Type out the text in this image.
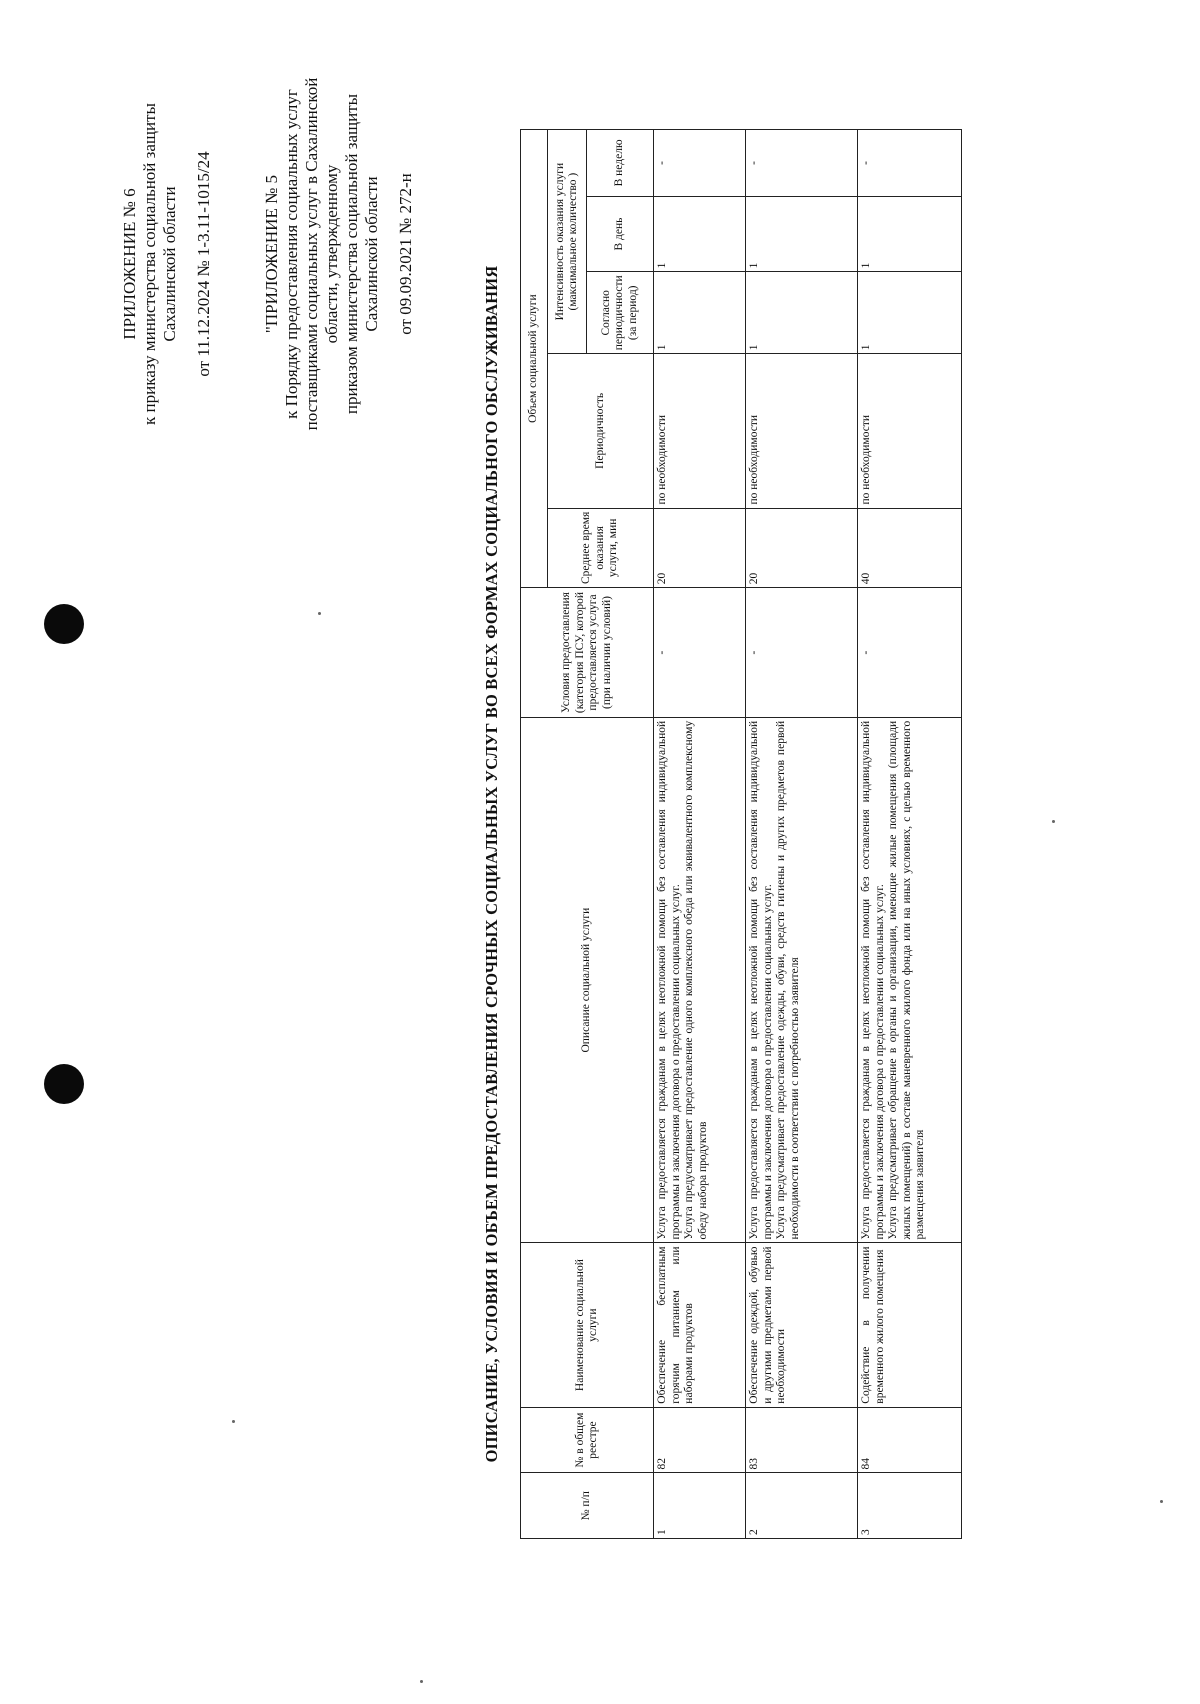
ПРИЛОЖЕНИЕ № 6 к приказу министерства социальной защиты Сахалинской области от 11.12.2024 № 1-3.11-1015/24	"ПРИЛОЖЕНИЕ № 5 к Порядку предоставления социальных услуг поставщиками социальных услуг в Сахалинской области, утвержденному приказом министерства социальной защиты Сахалинской области от 09.09.2021 № 272-н
ОПИСАНИЕ, УСЛОВИЯ И ОБЪЕМ ПРЕДОСТАВЛЕНИЯ СРОЧНЫХ СОЦИАЛЬНЫХ УСЛУГ ВО ВСЕХ ФОРМАХ СОЦИАЛЬНОГО ОБСЛУЖИВАНИЯ
№ п/п	№ в общем реестре	Наименование социальной услуги	Описание социальной услуги	Условия предоставления (категория ПСУ, которой предоставляется услуга (при наличии условий)	Объем социальной услуги				
					Среднее время оказания услуги, мин	Периодичность	Интенсивность оказания услуги (максимальное количество )		
							Согласно периодичности (за период)	В день	В неделю
1	82	Обеспечение бесплатным горячим питанием или наборами продуктов	Услуга предоставляется гражданам в целях неотложной помощи без составления индивидуальной программы и заключения договора о предоставлении социальных услуг. Услуга предусматривает предоставление одного комплексного обеда или эквивалентного комплексному обеду набора продуктов	-	20	по необходимости	1	1	-
2	83	Обеспечение одеждой, обувью и другими предметами первой необходимости	Услуга предоставляется гражданам в целях неотложной помощи без составления индивидуальной программы и заключения договора о предоставлении социальных услуг. Услуга предусматривает предоставление одежды, обуви, средств гигиены и других предметов первой необходимости в соответствии с потребностью заявителя	-	20	по необходимости	1	1	-
3	84	Содействие в получении временного жилого помещения	Услуга предоставляется гражданам в целях неотложной помощи без составления индивидуальной программы и заключения договора о предоставлении социальных услуг. Услуга предусматривает обращение в органы и организации, имеющие жилые помещения (площади жилых помещений) в составе маневренного жилого фонда или на иных условиях, с целью временного размещения заявителя	-	40	по необходимости	1	1	-
